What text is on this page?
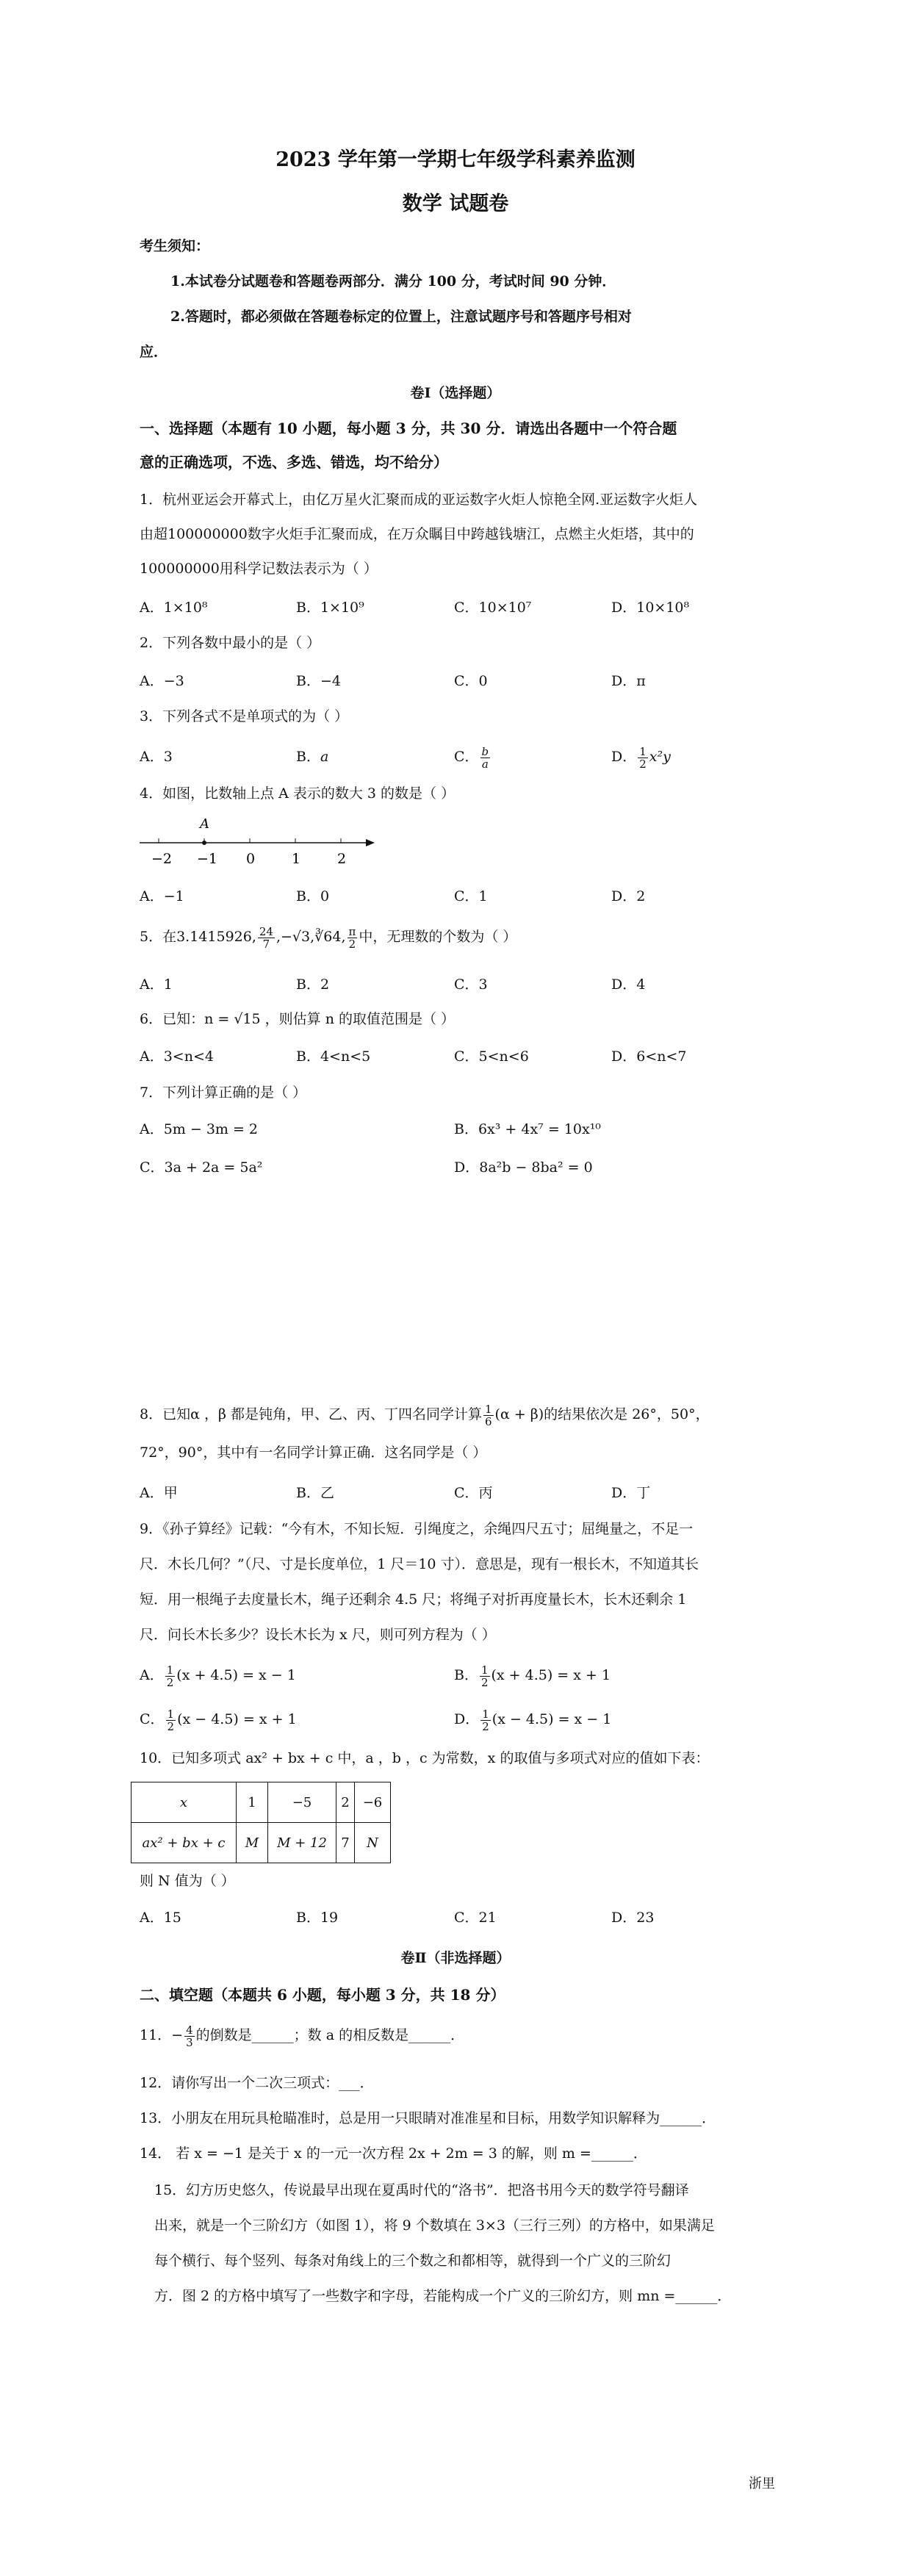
2023 学年第一学期七年级学科素养监测
数学 试题卷
考生须知：
1.本试卷分试题卷和答题卷两部分．满分 100 分，考试时间 90 分钟．
2.答题时，都必须做在答题卷标定的位置上，注意试题序号和答题序号相对
应．
卷Ⅰ（选择题）
一、选择题（本题有 10 小题，每小题 3 分，共 30 分．请选出各题中一个符合题
意的正确选项，不选、多选、错选，均不给分）
1．杭州亚运会开幕式上，由亿万星火汇聚而成的亚运数字火炬人惊艳全网.亚运数字火炬人
由超100000000数字火炬手汇聚而成，在万众瞩目中跨越钱塘江，点燃主火炬塔，其中的
100000000用科学记数法表示为（ ）
A．1×10⁸	B．1×10⁹	C．10×10⁷	D．10×10⁸
2．下列各数中最小的是（ ）
A．−3	B．−4	C．0	D．π
3．下列各式不是单项式的为（ ）
A．3	B．a	C． $\frac{b}{a}$	D． $\frac{1}{2} x^2y$
4．如图，比数轴上点 A 表示的数大 3 的数是（ ）
A
−2 −1 0	1	2
A．−1	B．0	C．1	D．2
5．在3.1415926, $\frac{24}{7}$ ,−√3,∛64, $\frac{\pi}{2}$ 中，无理数的个数为（ ）
A．1	B．2	C．3	D．4
6．已知：n = √15 ，则估算 n 的取值范围是（ ）
A．3<n<4	B．4<n<5	C．5<n<6	D．6<n<7
7．下列计算正确的是（ ）
A．5m − 3m = 2	B．6x³ + 4x⁷ = 10x¹⁰
C．3a + 2a = 5a²	D．8a²b − 8ba² = 0
8．已知α ，β 都是钝角，甲、乙、丙、丁四名同学计算 $\frac{1}{6} (\alpha + \beta)$的结果依次是 26°，50°，
72°，90°，其中有一名同学计算正确．这名同学是（ ）
A．甲	B．乙	C．丙	D．丁
9．《孙子算经》记载：“今有木，不知长短．引绳度之，余绳四尺五寸；屈绳量之，不足一
尺．木长几何？”（尺、寸是长度单位，1 尺＝10 寸）．意思是，现有一根长木，不知道其长
短．用一根绳子去度量长木，绳子还剩余 4.5 尺；将绳子对折再度量长木，长木还剩余 1
尺．问长木长多少？设长木长为 x 尺，则可列方程为（ ）
A． $\frac{1}{2} (x + 4.5) = x - 1$	B． $\frac{1}{2} (x + 4.5) = x + 1$
C． $\frac{1}{2} (x - 4.5) = x + 1$	D． $\frac{1}{2} (x - 4.5) = x - 1$
10．已知多项式 ax² + bx + c 中，a ，b ，c 为常数，x 的取值与多项式对应的值如下表：
x	1	−5	2	−6
ax² + bx + c	M	M + 12	7	N
则 N 值为（ ）
A．15	B．19	C．21	D．23
卷Ⅱ（非选择题）
二、填空题（本题共 6 小题，每小题 3 分，共 18 分）
11．− $\frac{4}{3}$ 的倒数是______；数 a 的相反数是______．
12．请你写出一个二次三项式：___．
13．小朋友在用玩具枪瞄准时，总是用一只眼睛对准准星和目标，用数学知识解释为______．
14． 若 x = −1 是关于 x 的一元一次方程 2x + 2m = 3 的解，则 m =______．
15．幻方历史悠久，传说最早出现在夏禹时代的“洛书”．把洛书用今天的数学符号翻译
出来，就是一个三阶幻方（如图 1），将 9 个数填在 3×3（三行三列）的方格中，如果满足
每个横行、每个竖列、每条对角线上的三个数之和都相等，就得到一个广义的三阶幻
方．图 2 的方格中填写了一些数字和字母，若能构成一个广义的三阶幻方，则 mn =______．
浙里
